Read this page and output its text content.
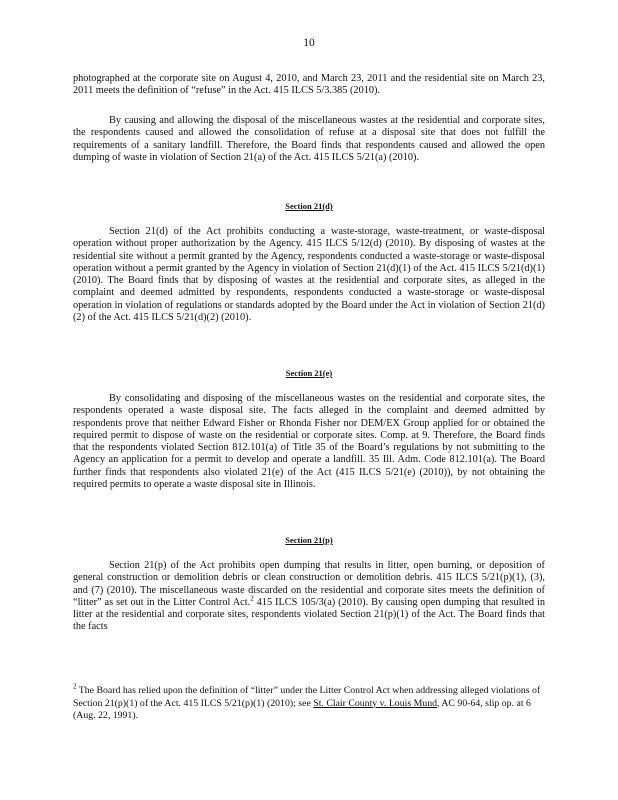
10

photographed at the corporate site on August 4, 2010, and March 23, 2011 and the residential site on March 23, 2011 meets the definition of “refuse” in the Act. 415 ILCS 5/3.385 (2010).

By causing and allowing the disposal of the miscellaneous wastes at the residential and corporate sites, the respondents caused and allowed the consolidation of refuse at a disposal site that does not fulfill the requirements of a sanitary landfill. Therefore, the Board finds that respondents caused and allowed the open dumping of waste in violation of Section 21(a) of the Act. 415 ILCS 5/21(a) (2010).

Section 21(d)

Section 21(d) of the Act prohibits conducting a waste-storage, waste-treatment, or waste-disposal operation without proper authorization by the Agency. 415 ILCS 5/12(d) (2010). By disposing of wastes at the residential site without a permit granted by the Agency, respondents conducted a waste-storage or waste-disposal operation without a permit granted by the Agency in violation of Section 21(d)(1) of the Act. 415 ILCS 5/21(d)(1) (2010). The Board finds that by disposing of wastes at the residential and corporate sites, as alleged in the complaint and deemed admitted by respondents, respondents conducted a waste-storage or waste-disposal operation in violation of regulations or standards adopted by the Board under the Act in violation of Section 21(d)(2) of the Act. 415 ILCS 5/21(d)(2) (2010).

Section 21(e)

By consolidating and disposing of the miscellaneous wastes on the residential and corporate sites, the respondents operated a waste disposal site. The facts alleged in the complaint and deemed admitted by respondents prove that neither Edward Fisher or Rhonda Fisher nor DEM/EX Group applied for or obtained the required permit to dispose of waste on the residential or corporate sites. Comp. at 9. Therefore, the Board finds that the respondents violated Section 812.101(a) of Title 35 of the Board’s regulations by not submitting to the Agency an application for a permit to develop and operate a landfill. 35 Ill. Adm. Code 812.101(a). The Board further finds that respondents also violated 21(e) of the Act (415 ILCS 5/21(e) (2010)), by not obtaining the required permits to operate a waste disposal site in Illinois.

Section 21(p)

Section 21(p) of the Act prohibits open dumping that results in litter, open burning, or deposition of general construction or demolition debris or clean construction or demolition debris. 415 ILCS 5/21(p)(1), (3), and (7) (2010). The miscellaneous waste discarded on the residential and corporate sites meets the definition of “litter” as set out in the Litter Control Act.$^2$ 415 ILCS 105/3(a) (2010). By causing open dumping that resulted in litter at the residential and corporate sites, respondents violated Section 21(p)(1) of the Act. The Board finds that the facts

$^2$ The Board has relied upon the definition of “litter” under the Litter Control Act when addressing alleged violations of Section 21(p)(1) of the Act. 415 ILCS 5/21(p)(1) (2010); see St. Clair County v. Louis Mund, AC 90-64, slip op. at 6 (Aug. 22, 1991).
